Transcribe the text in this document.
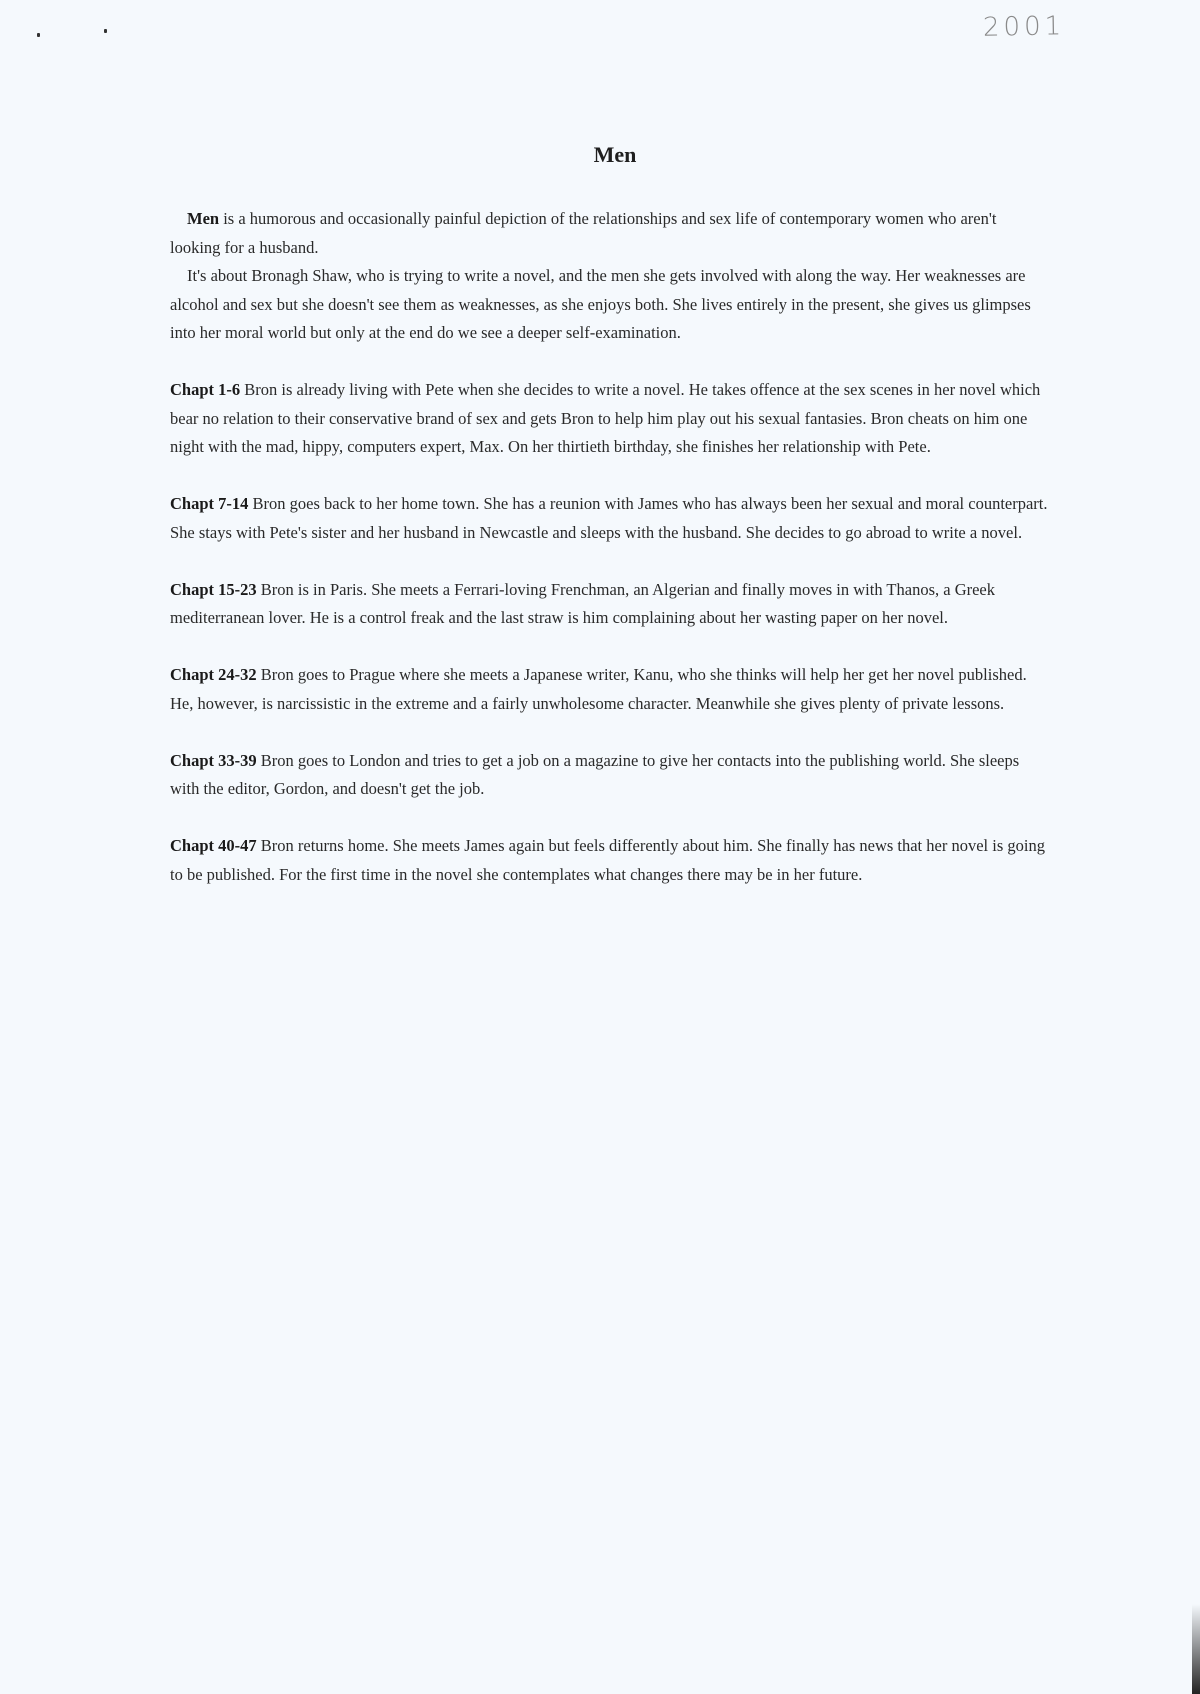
2001
Men

Men is a humorous and occasionally painful depiction of the relationships and sex life of contemporary women who aren't looking for a husband.

It's about Bronagh Shaw, who is trying to write a novel, and the men she gets involved with along the way. Her weaknesses are alcohol and sex but she doesn't see them as weaknesses, as she enjoys both. She lives entirely in the present, she gives us glimpses into her moral world but only at the end do we see a deeper self-examination.

Chapt 1-6 Bron is already living with Pete when she decides to write a novel. He takes offence at the sex scenes in her novel which bear no relation to their conservative brand of sex and gets Bron to help him play out his sexual fantasies. Bron cheats on him one night with the mad, hippy, computers expert, Max. On her thirtieth birthday, she finishes her relationship with Pete.

Chapt 7-14 Bron goes back to her home town. She has a reunion with James who has always been her sexual and moral counterpart. She stays with Pete's sister and her husband in Newcastle and sleeps with the husband. She decides to go abroad to write a novel.

Chapt 15-23 Bron is in Paris. She meets a Ferrari-loving Frenchman, an Algerian and finally moves in with Thanos, a Greek mediterranean lover. He is a control freak and the last straw is him complaining about her wasting paper on her novel.

Chapt 24-32 Bron goes to Prague where she meets a Japanese writer, Kanu, who she thinks will help her get her novel published. He, however, is narcissistic in the extreme and a fairly unwholesome character. Meanwhile she gives plenty of private lessons.

Chapt 33-39 Bron goes to London and tries to get a job on a magazine to give her contacts into the publishing world. She sleeps with the editor, Gordon, and doesn't get the job.

Chapt 40-47 Bron returns home. She meets James again but feels differently about him. She finally has news that her novel is going to be published. For the first time in the novel she contemplates what changes there may be in her future.
